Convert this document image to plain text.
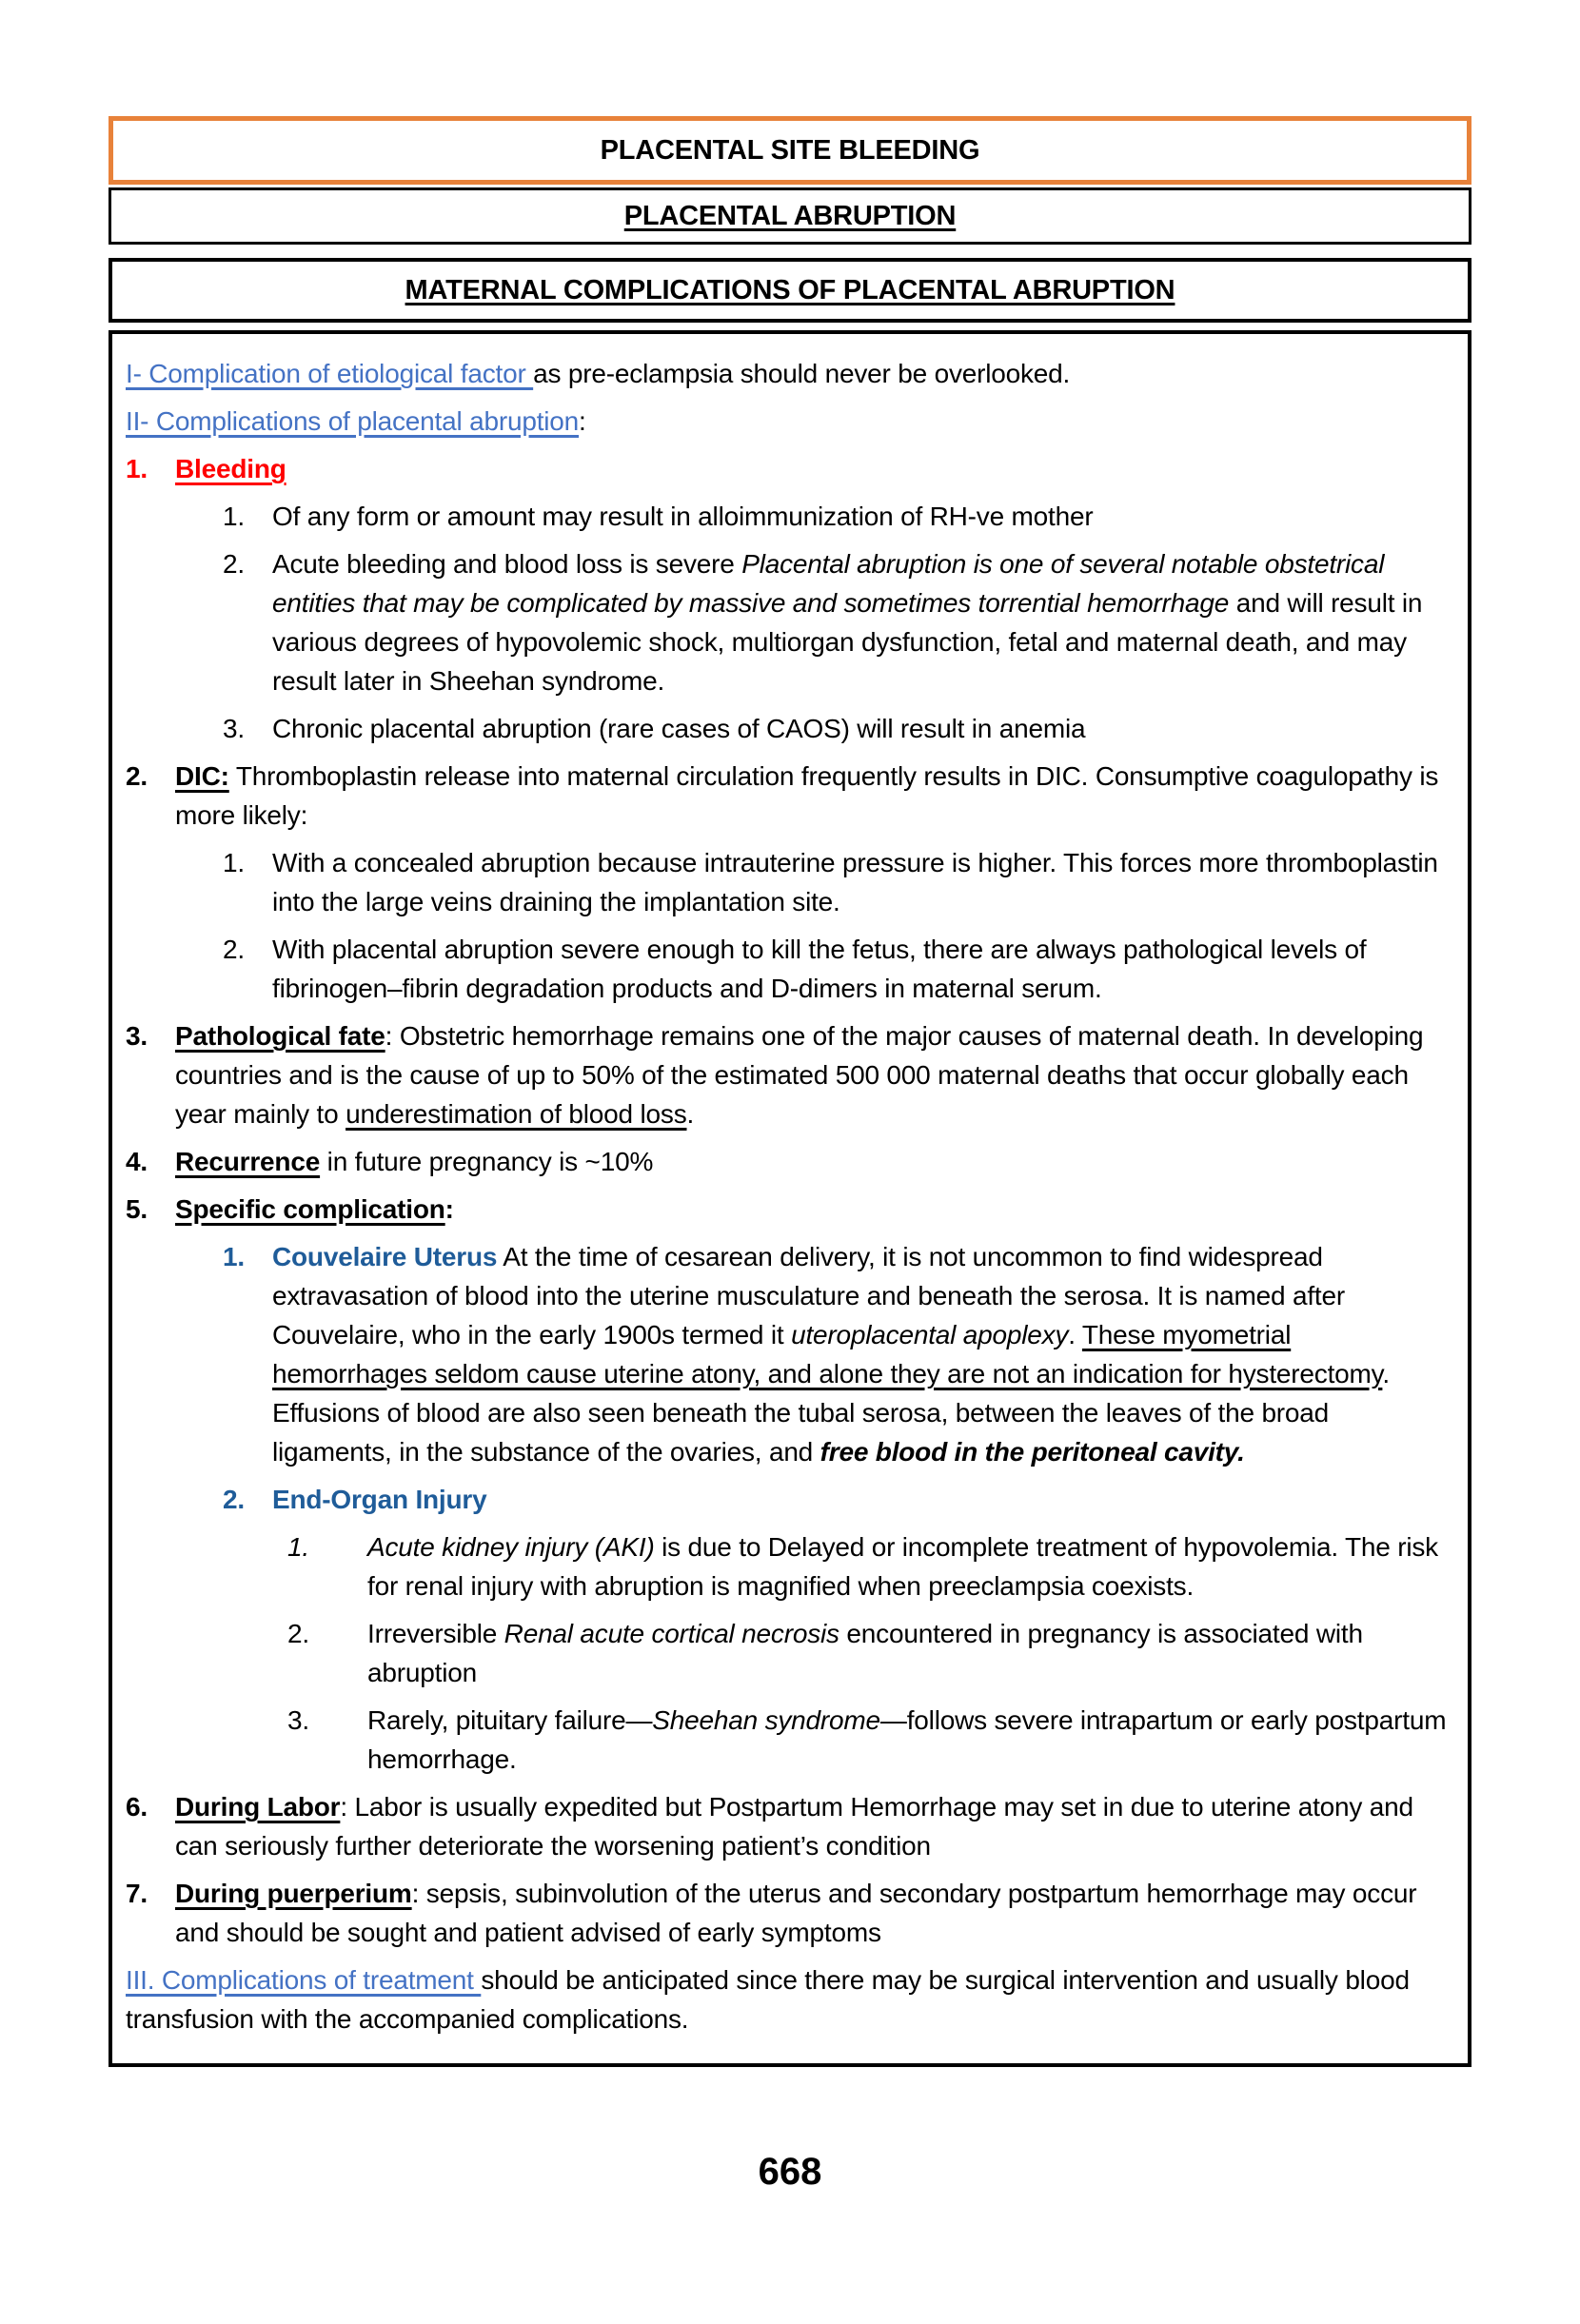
PLACENTAL SITE BLEEDING
PLACENTAL ABRUPTION
MATERNAL COMPLICATIONS OF PLACENTAL ABRUPTION
I- Complication of etiological factor as pre-eclampsia should never be overlooked.
II- Complications of placental abruption:
1.	Bleeding
1.	Of any form or amount may result in alloimmunization of RH-ve mother
2.	Acute bleeding and blood loss is severe Placental abruption is one of several notable obstetrical entities that may be complicated by massive and sometimes torrential hemorrhage and will result in various degrees of hypovolemic shock, multiorgan dysfunction, fetal and maternal death, and may result later in Sheehan syndrome.
3.	Chronic placental abruption (rare cases of CAOS) will result in anemia
2.	DIC: Thromboplastin release into maternal circulation frequently results in DIC. Consumptive coagulopathy is more likely:
1.	With a concealed abruption because intrauterine pressure is higher. This forces more thromboplastin into the large veins draining the implantation site.
2.	With placental abruption severe enough to kill the fetus, there are always pathological levels of fibrinogen–fibrin degradation products and D-dimers in maternal serum.
3.	Pathological fate: Obstetric hemorrhage remains one of the major causes of maternal death. In developing countries and is the cause of up to 50% of the estimated 500 000 maternal deaths that occur globally each year mainly to underestimation of blood loss.
4.	Recurrence in future pregnancy is ~10%
5.	Specific complication:
1.	Couvelaire Uterus At the time of cesarean delivery, it is not uncommon to find widespread extravasation of blood into the uterine musculature and beneath the serosa. It is named after Couvelaire, who in the early 1900s termed it uteroplacental apoplexy. These myometrial hemorrhages seldom cause uterine atony, and alone they are not an indication for hysterectomy. Effusions of blood are also seen beneath the tubal serosa, between the leaves of the broad ligaments, in the substance of the ovaries, and free blood in the peritoneal cavity.
2.	End-Organ Injury
1.	Acute kidney injury (AKI) is due to Delayed or incomplete treatment of hypovolemia. The risk for renal injury with abruption is magnified when preeclampsia coexists.
2.	Irreversible Renal acute cortical necrosis encountered in pregnancy is associated with abruption
3.	Rarely, pituitary failure—Sheehan syndrome—follows severe intrapartum or early postpartum hemorrhage.
6.	During Labor: Labor is usually expedited but Postpartum Hemorrhage may set in due to uterine atony and can seriously further deteriorate the worsening patient’s condition
7.	During puerperium: sepsis, subinvolution of the uterus and secondary postpartum hemorrhage may occur and should be sought and patient advised of early symptoms
III. Complications of treatment should be anticipated since there may be surgical intervention and usually blood transfusion with the accompanied complications.
668
